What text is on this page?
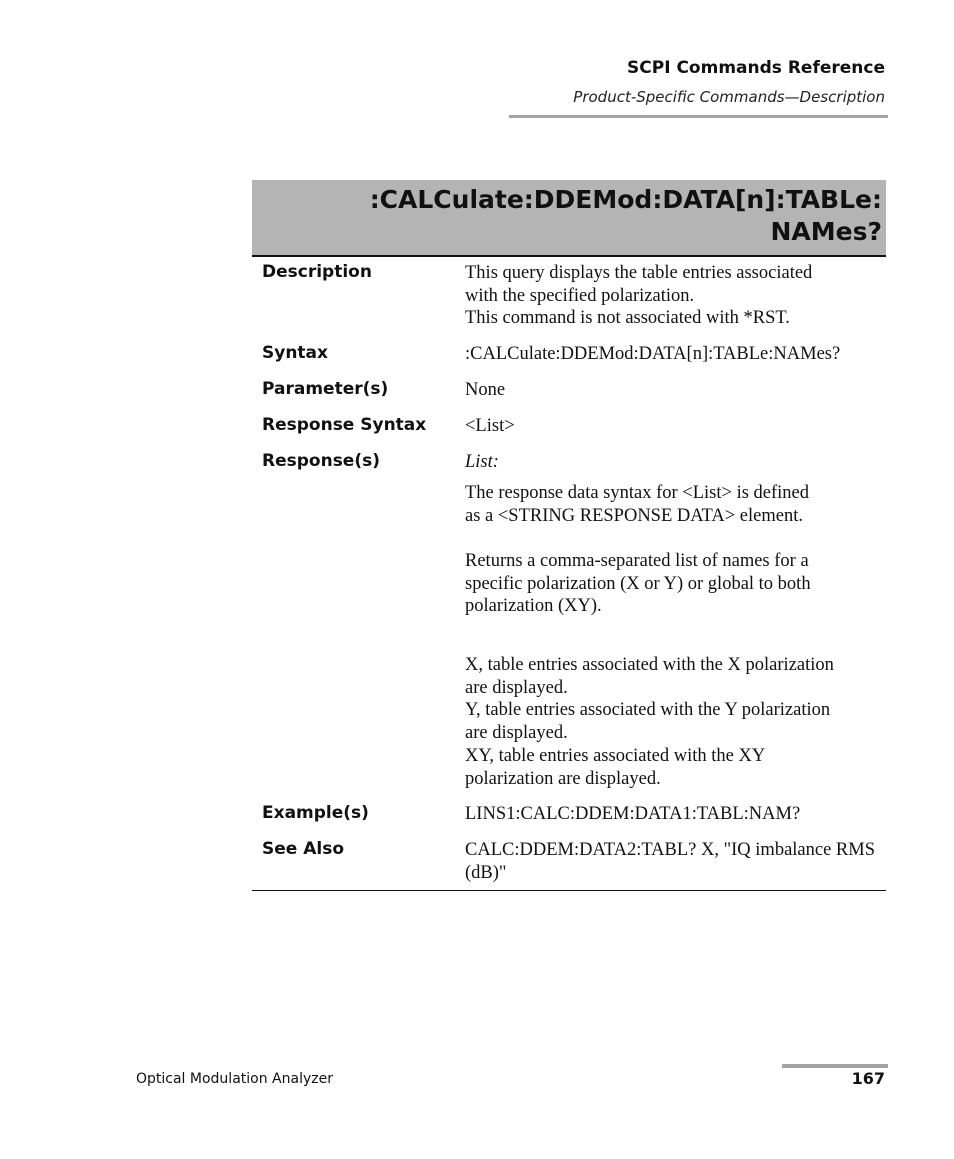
SCPI Commands Reference
Product-Specific Commands—Description
:CALCulate:DDEMod:DATA[n]:TABLe:
NAMes?
Description	This query displays the table entries associated
with the specified polarization.
This command is not associated with *RST.
Syntax	:CALCulate:DDEMod:DATA[n]:TABLe:NAMes?
Parameter(s)	None
Response Syntax <List>
Response(s)	List:
The response data syntax for <List> is defined
as a <STRING RESPONSE DATA> element.
Returns a comma-separated list of names for a
specific polarization (X or Y) or global to both
polarization (XY).
X, table entries associated with the X polarization
are displayed.
Y, table entries associated with the Y polarization
are displayed.
XY, table entries associated with the XY
polarization are displayed.
Example(s)	LINS1:CALC:DDEM:DATA1:TABL:NAM?
See Also	CALC:DDEM:DATA2:TABL? X, "IQ imbalance RMS
(dB)"
Optical Modulation Analyzer	167
